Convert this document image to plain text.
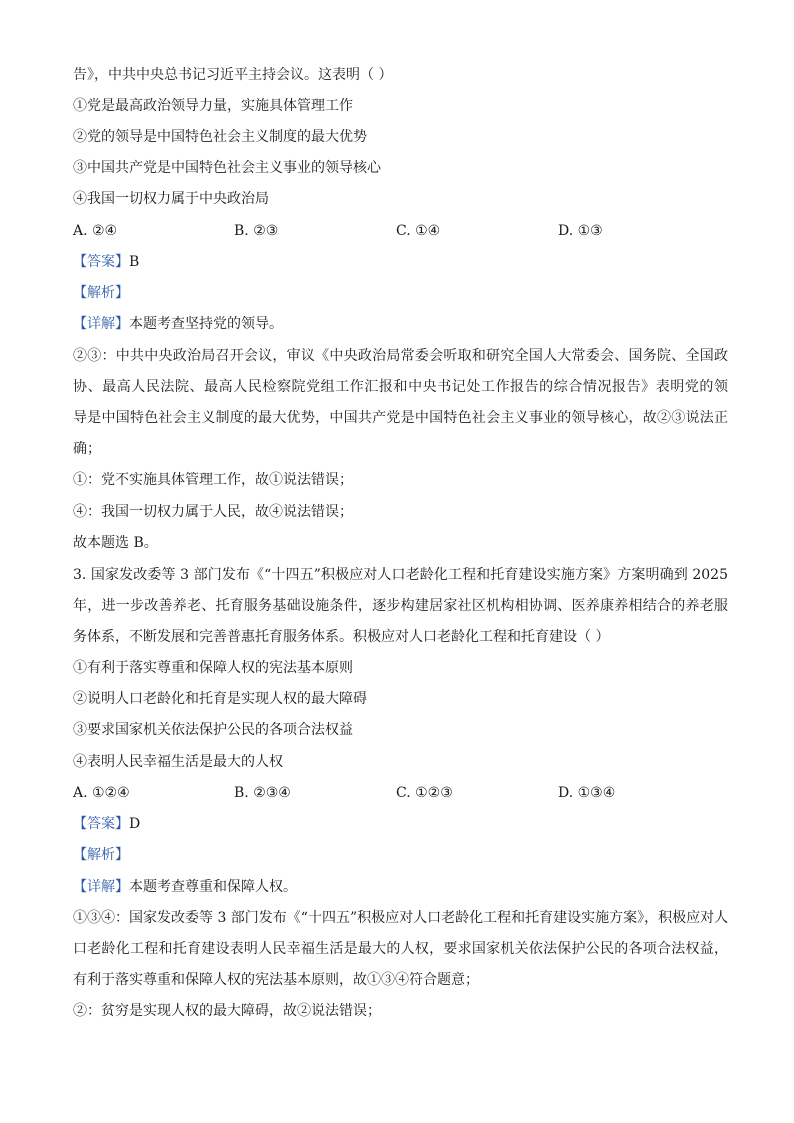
告》，中共中央总书记习近平主持会议。这表明（ ）
①党是最高政治领导力量，实施具体管理工作
②党的领导是中国特色社会主义制度的最大优势
③中国共产党是中国特色社会主义事业的领导核心
④我国一切权力属于中央政治局
A. ②④	B. ②③	C. ①④	D. ①③
【答案】B
【解析】
【详解】本题考查坚持党的领导。
②③：中共中央政治局召开会议，审议《中央政治局常委会听取和研究全国人大常委会、国务院、全国政
协、最高人民法院、最高人民检察院党组工作汇报和中央书记处工作报告的综合情况报告》表明党的领
导是中国特色社会主义制度的最大优势，中国共产党是中国特色社会主义事业的领导核心，故②③说法正
确；
①：党不实施具体管理工作，故①说法错误；
④：我国一切权力属于人民，故④说法错误；
故本题选 B。
3. 国家发改委等 3 部门发布《“十四五”积极应对人口老龄化工程和托育建设实施方案》方案明确到 2025
年，进一步改善养老、托育服务基础设施条件，逐步构建居家社区机构相协调、医养康养相结合的养老服
务体系，不断发展和完善普惠托育服务体系。积极应对人口老龄化工程和托育建设（ ）
①有利于落实尊重和保障人权的宪法基本原则
②说明人口老龄化和托育是实现人权的最大障碍
③要求国家机关依法保护公民的各项合法权益
④表明人民幸福生活是最大的人权
A. ①②④	B. ②③④	C. ①②③	D. ①③④
【答案】D
【解析】
【详解】本题考查尊重和保障人权。
①③④：国家发改委等 3 部门发布《“十四五”积极应对人口老龄化工程和托育建设实施方案》，积极应对人
口老龄化工程和托育建设表明人民幸福生活是最大的人权，要求国家机关依法保护公民的各项合法权益，
有利于落实尊重和保障人权的宪法基本原则，故①③④符合题意；
②：贫穷是实现人权的最大障碍，故②说法错误；
